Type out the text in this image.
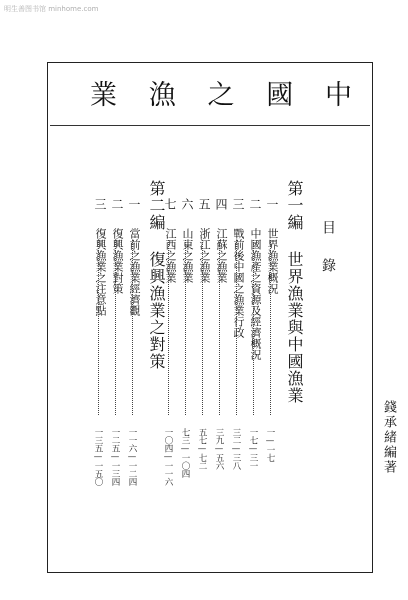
明生善图书馆 minhome.com
業 漁 之 國 中
目錄
第一編 世界漁業與中國漁業
一
世界漁業概況
一—一七
二
中國漁產之資源及經濟概況
一七—三一
三
戰前後中國之漁業行政
三二—三八
四
江蘇之漁業
三九—五六
五
浙江之漁業
五七—七二
六
山東之漁業
七三—一〇四
七
江西之漁業
一〇四—一一六
第二編 復興漁業之對策
一
當前之漁業經濟觀
一一六—一二四
二
復興漁業對策
一二五—一三四
三
復興漁業之注意點
一三五—一五〇	錢承緒編著
